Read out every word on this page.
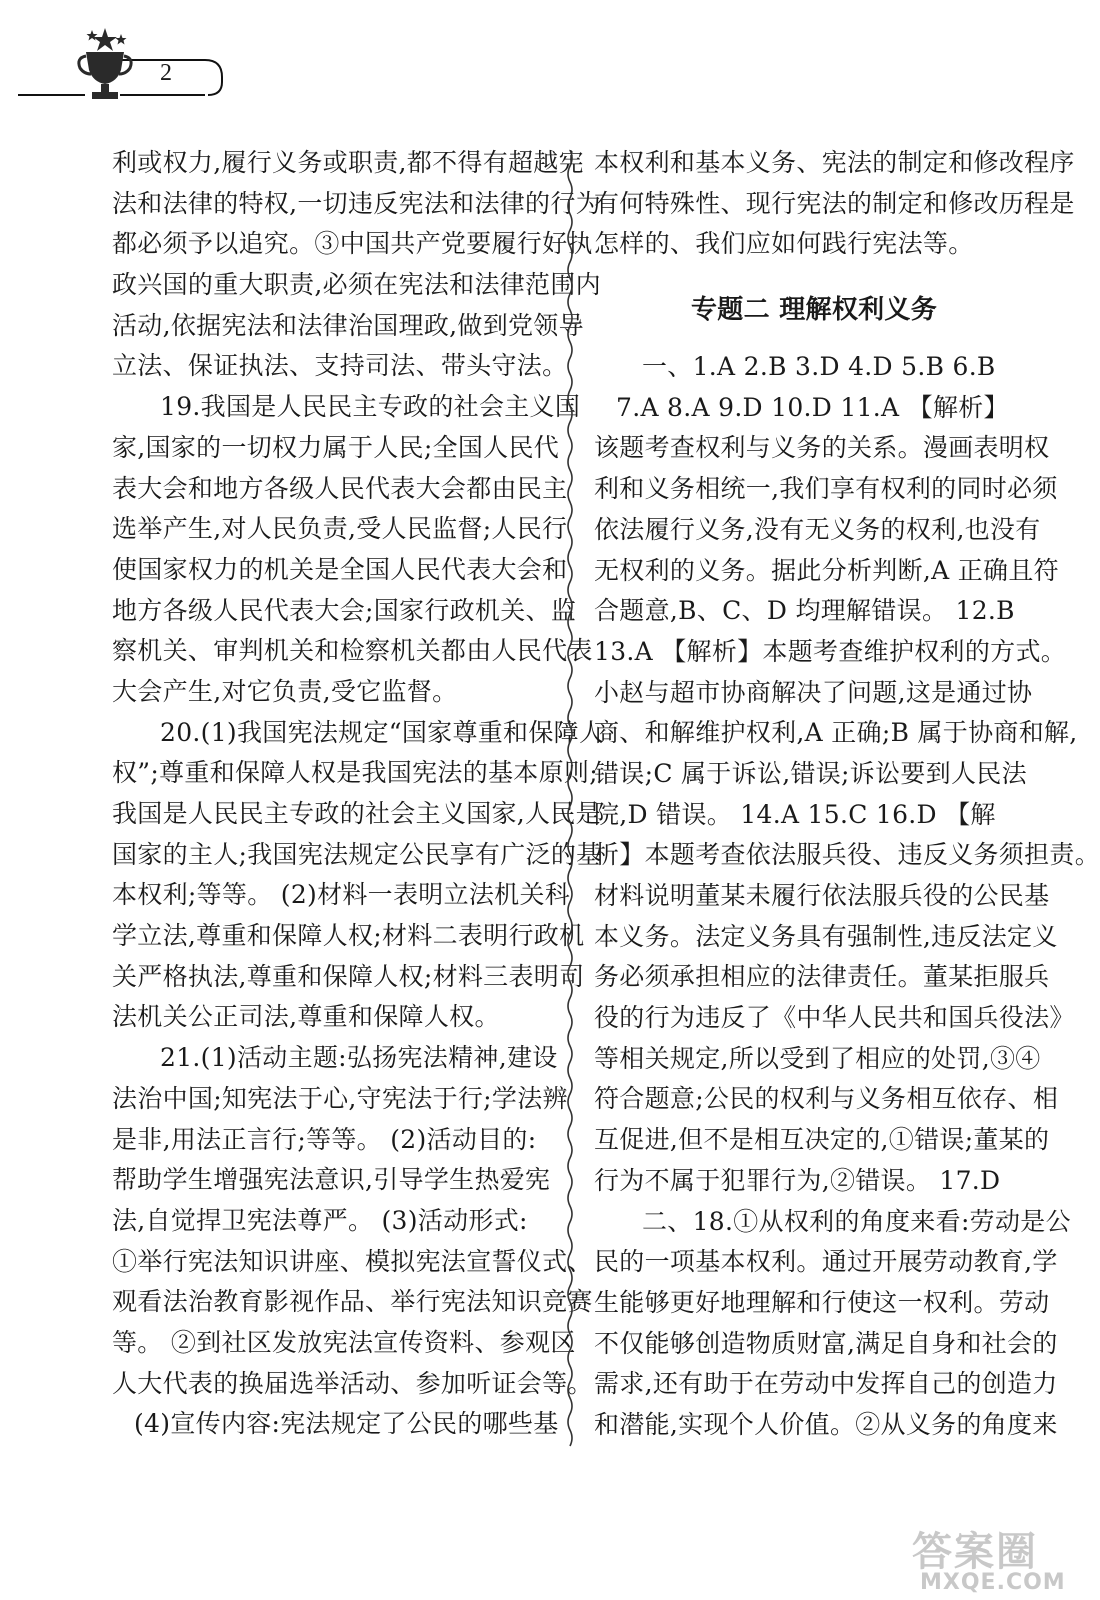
2
利或权力,履行义务或职责,都不得有超越宪
法和法律的特权,一切违反宪法和法律的行为
都必须予以追究。③中国共产党要履行好执
政兴国的重大职责,必须在宪法和法律范围内
活动,依据宪法和法律治国理政,做到党领导
立法、保证执法、支持司法、带头守法。
19.我国是人民民主专政的社会主义国
家,国家的一切权力属于人民;全国人民代
表大会和地方各级人民代表大会都由民主
选举产生,对人民负责,受人民监督;人民行
使国家权力的机关是全国人民代表大会和
地方各级人民代表大会;国家行政机关、监
察机关、审判机关和检察机关都由人民代表
大会产生,对它负责,受它监督。
20.(1)我国宪法规定“国家尊重和保障人
权”;尊重和保障人权是我国宪法的基本原则;
我国是人民民主专政的社会主义国家,人民是
国家的主人;我国宪法规定公民享有广泛的基
本权利;等等。 (2)材料一表明立法机关科
学立法,尊重和保障人权;材料二表明行政机
关严格执法,尊重和保障人权;材料三表明司
法机关公正司法,尊重和保障人权。
21.(1)活动主题:弘扬宪法精神,建设
法治中国;知宪法于心,守宪法于行;学法辨
是非,用法正言行;等等。 (2)活动目的:
帮助学生增强宪法意识,引导学生热爱宪
法,自觉捍卫宪法尊严。 (3)活动形式:
①举行宪法知识讲座、模拟宪法宣誓仪式、
观看法治教育影视作品、举行宪法知识竞赛
等。 ②到社区发放宪法宣传资料、参观区
人大代表的换届选举活动、参加听证会等。
(4)宣传内容:宪法规定了公民的哪些基
本权利和基本义务、宪法的制定和修改程序
有何特殊性、现行宪法的制定和修改历程是
怎样的、我们应如何践行宪法等。
专题二 理解权利义务
一、1.A 2.B 3.D 4.D 5.B 6.B
7.A 8.A 9.D 10.D 11.A 【解析】
该题考查权利与义务的关系。漫画表明权
利和义务相统一,我们享有权利的同时必须
依法履行义务,没有无义务的权利,也没有
无权利的义务。据此分析判断,A 正确且符
合题意,B、C、D 均理解错误。 12.B
13.A 【解析】本题考查维护权利的方式。
小赵与超市协商解决了问题,这是通过协
商、和解维护权利,A 正确;B 属于协商和解,
错误;C 属于诉讼,错误;诉讼要到人民法
院,D 错误。 14.A 15.C 16.D 【解
析】本题考查依法服兵役、违反义务须担责。
材料说明董某未履行依法服兵役的公民基
本义务。法定义务具有强制性,违反法定义
务必须承担相应的法律责任。董某拒服兵
役的行为违反了《中华人民共和国兵役法》
等相关规定,所以受到了相应的处罚,③④
符合题意;公民的权利与义务相互依存、相
互促进,但不是相互决定的,①错误;董某的
行为不属于犯罪行为,②错误。 17.D
二、18.①从权利的角度来看:劳动是公
民的一项基本权利。通过开展劳动教育,学
生能够更好地理解和行使这一权利。劳动
不仅能够创造物质财富,满足自身和社会的
需求,还有助于在劳动中发挥自己的创造力
和潜能,实现个人价值。②从义务的角度来
答案圈
MXQE.COM
